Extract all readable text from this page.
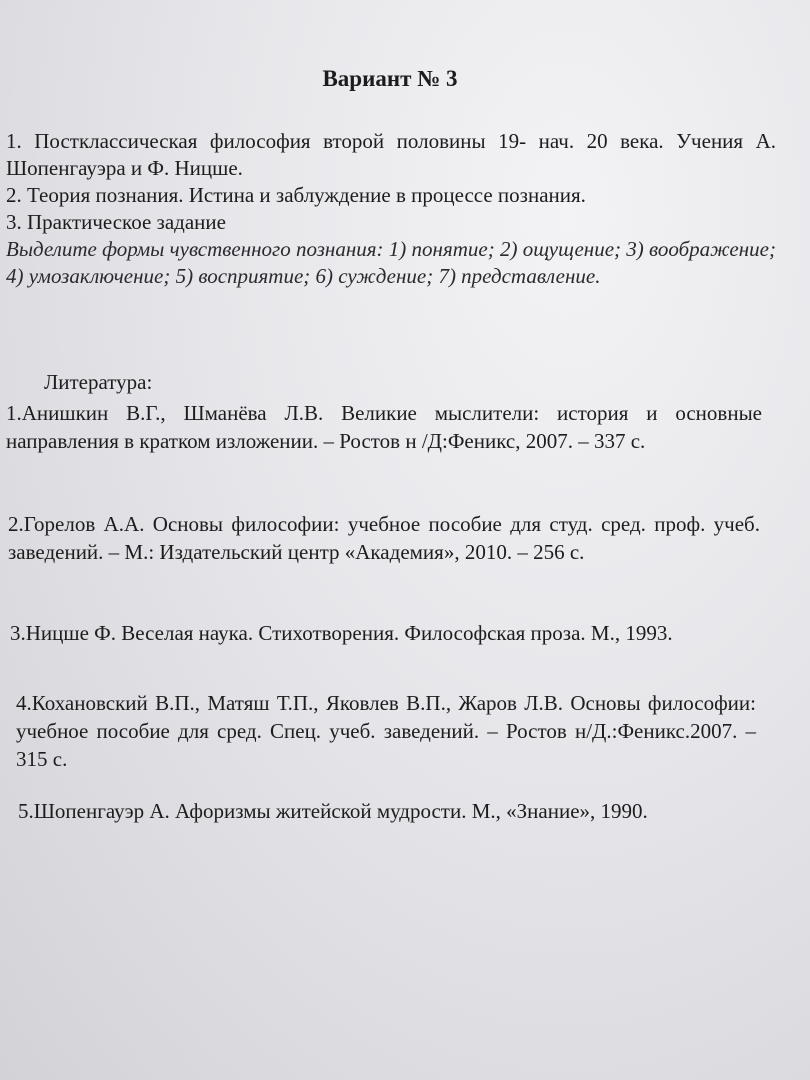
Вариант № 3
1. Постклассическая философия второй половины 19- нач. 20 века. Учения А. Шопенгауэра и Ф. Ницше.
2. Теория познания. Истина и заблуждение в процессе познания.
3. Практическое задание
Выделите формы чувственного познания: 1) понятие; 2) ощущение; 3) воображение; 4) умозаключение; 5) восприятие; 6) суждение; 7) представление.
Литература:
1.Анишкин В.Г., Шманёва Л.В. Великие мыслители: история и основные направления в кратком изложении. – Ростов н /Д:Феникс, 2007. – 337 с.
2.Горелов А.А. Основы философии: учебное пособие для студ. сред. проф. учеб. заведений. – М.: Издательский центр «Академия», 2010. – 256 с.
3.Ницше Ф. Веселая наука. Стихотворения. Философская проза. М., 1993.
4.Кохановский В.П., Матяш Т.П., Яковлев В.П., Жаров Л.В. Основы философии: учебное пособие для сред. Спец. учеб. заведений. – Ростов н/Д.:Феникс.2007. – 315 с.
5.Шопенгауэр А. Афоризмы житейской мудрости. М., «Знание», 1990.
